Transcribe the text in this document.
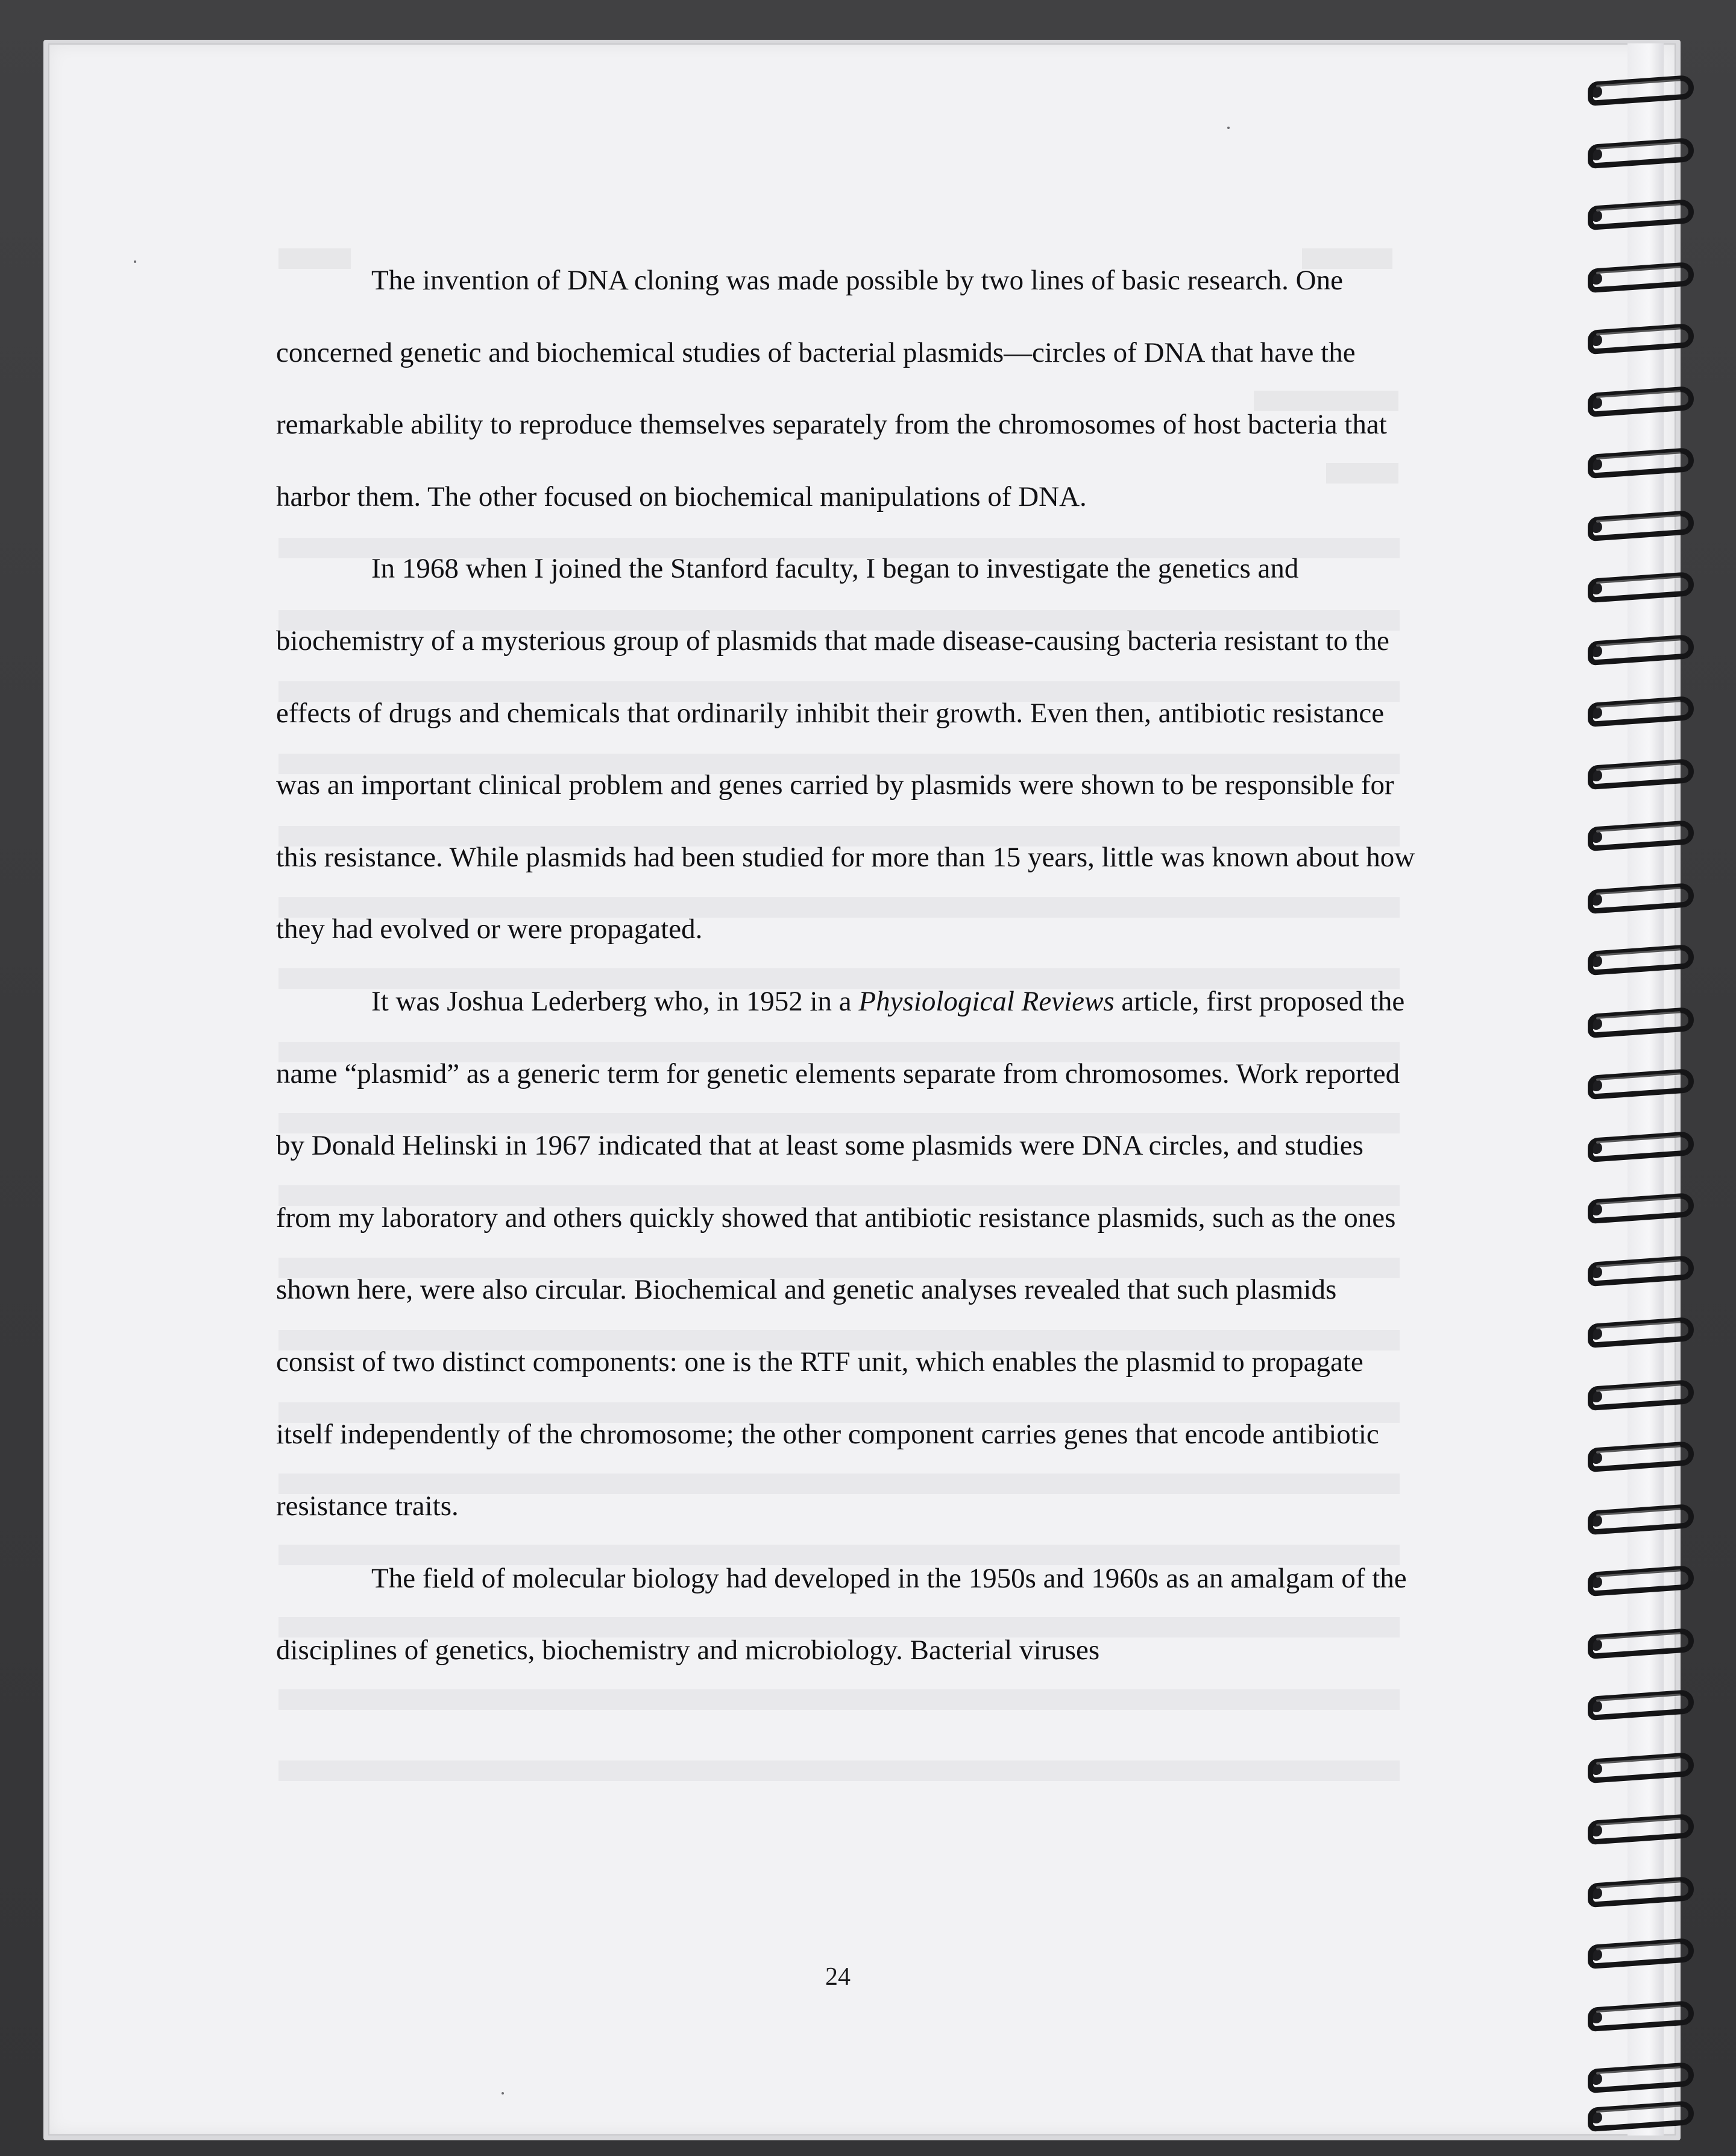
The invention of DNA cloning was made possible by two lines of basic research. One concerned genetic and biochemical studies of bacterial plasmids—circles of DNA that have the remarkable ability to reproduce themselves separately from the chromosomes of host bacteria that harbor them. The other focused on biochemical manipulations of DNA.

In 1968 when I joined the Stanford faculty, I began to investigate the genetics and biochemistry of a mysterious group of plasmids that made disease-causing bacteria resistant to the effects of drugs and chemicals that ordinarily inhibit their growth. Even then, antibiotic resistance was an important clinical problem and genes carried by plasmids were shown to be responsible for this resistance. While plasmids had been studied for more than 15 years, little was known about how they had evolved or were propagated.

It was Joshua Lederberg who, in 1952 in a Physiological Reviews article, first proposed the name “plasmid” as a generic term for genetic elements separate from chromosomes. Work reported by Donald Helinski in 1967 indicated that at least some plasmids were DNA circles, and studies from my laboratory and others quickly showed that antibiotic resistance plasmids, such as the ones shown here, were also circular. Biochemical and genetic analyses revealed that such plasmids consist of two distinct components: one is the RTF unit, which enables the plasmid to propagate itself independently of the chromosome; the other component carries genes that encode antibiotic resistance traits.

The field of molecular biology had developed in the 1950s and 1960s as an amalgam of the disciplines of genetics, biochemistry and microbiology. Bacterial viruses

24
